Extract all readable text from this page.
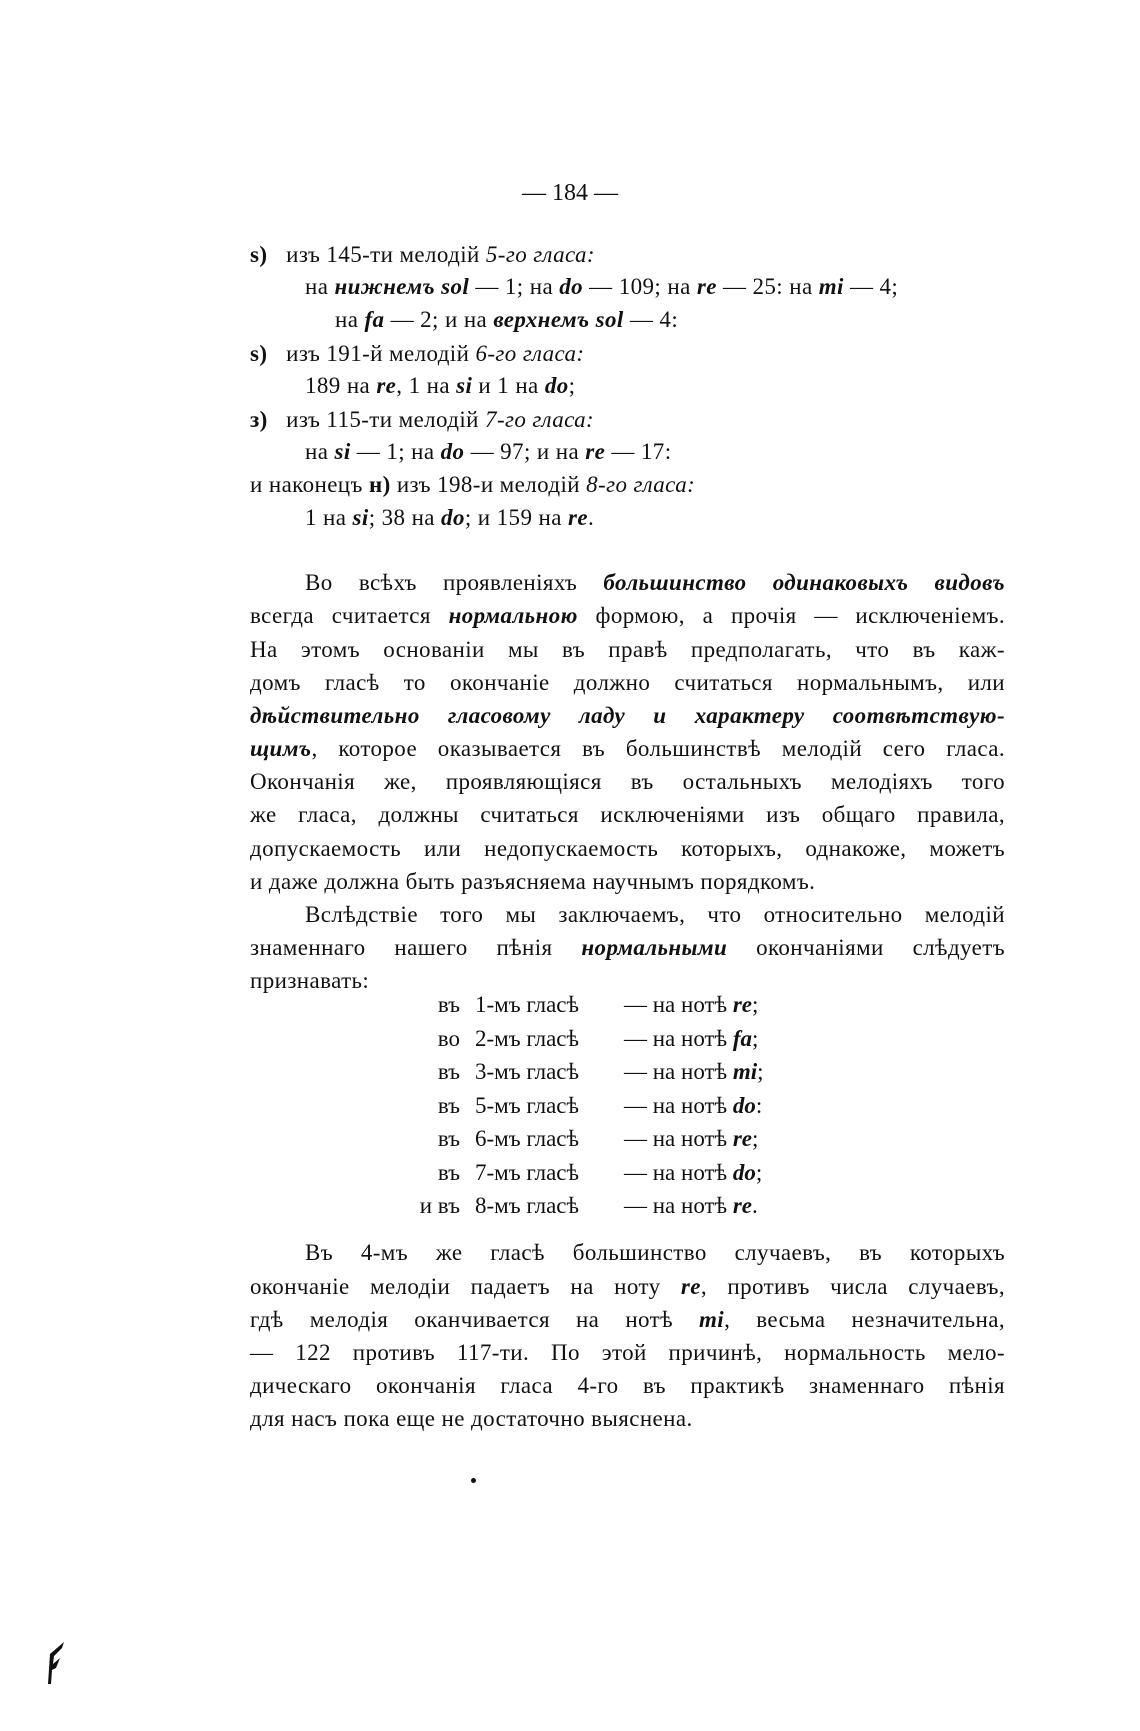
— 184 —

ѕ) изъ 145-ти мелодій 5-го гласа:

на нижнемъ sol — 1; на do — 109; на re — 25: на mi — 4;

на fa — 2; и на верхнемъ sol — 4:

ѕ) изъ 191-й мелодій 6-го гласа:

189 на re, 1 на si и 1 на do;

з) изъ 115-ти мелодій 7-го гласа:

на si — 1; на do — 97; и на re — 17:

и наконецъ н) изъ 198-и мелодій 8-го гласа:

1 на si; 38 на do; и 159 на re.

Во всѣхъ проявленіяхъ большинство одинаковыхъ видовъ

всегда считается нормальною формою, а прочія — исключеніемъ.

На этомъ основаніи мы въ правѣ предполагать, что въ каж-

домъ гласѣ то окончаніе должно считаться нормальнымъ, или

дѣйствительно гласовому ладу и характеру соотвѣтствую-

щимъ, которое оказывается въ большинствѣ мелодій сего гласа.

Окончанія же, проявляющіяся въ остальныхъ мелодіяхъ того

же гласа, должны считаться исключеніями изъ общаго правила,

допускаемость или недопускаемость которыхъ, однакоже, можетъ

и даже должна быть разъясняема научнымъ порядкомъ.

Вслѣдствіе того мы заключаемъ, что относительно мелодій

знаменнаго нашего пѣнія нормальными окончаніями слѣдуетъ

признавать:

въ 1-мъ гласѣ — на нотѣ re;
во 2-мъ гласѣ — на нотѣ fa;
въ 3-мъ гласѣ — на нотѣ mi;
въ 5-мъ гласѣ — на нотѣ do:
въ 6-мъ гласѣ — на нотѣ re;
въ 7-мъ гласѣ — на нотѣ do;
и въ 8-мъ гласѣ — на нотѣ re.

Въ 4-мъ же гласѣ большинство случаевъ, въ которыхъ

окончаніе мелодіи падаетъ на ноту re, противъ числа случаевъ,

гдѣ мелодія оканчивается на нотѣ mi, весьма незначительна,

— 122 противъ 117-ти. По этой причинѣ, нормальность мело-

дическаго окончанія гласа 4-го въ практикѣ знаменнаго пѣнія

для насъ пока еще не достаточно выяснена.
